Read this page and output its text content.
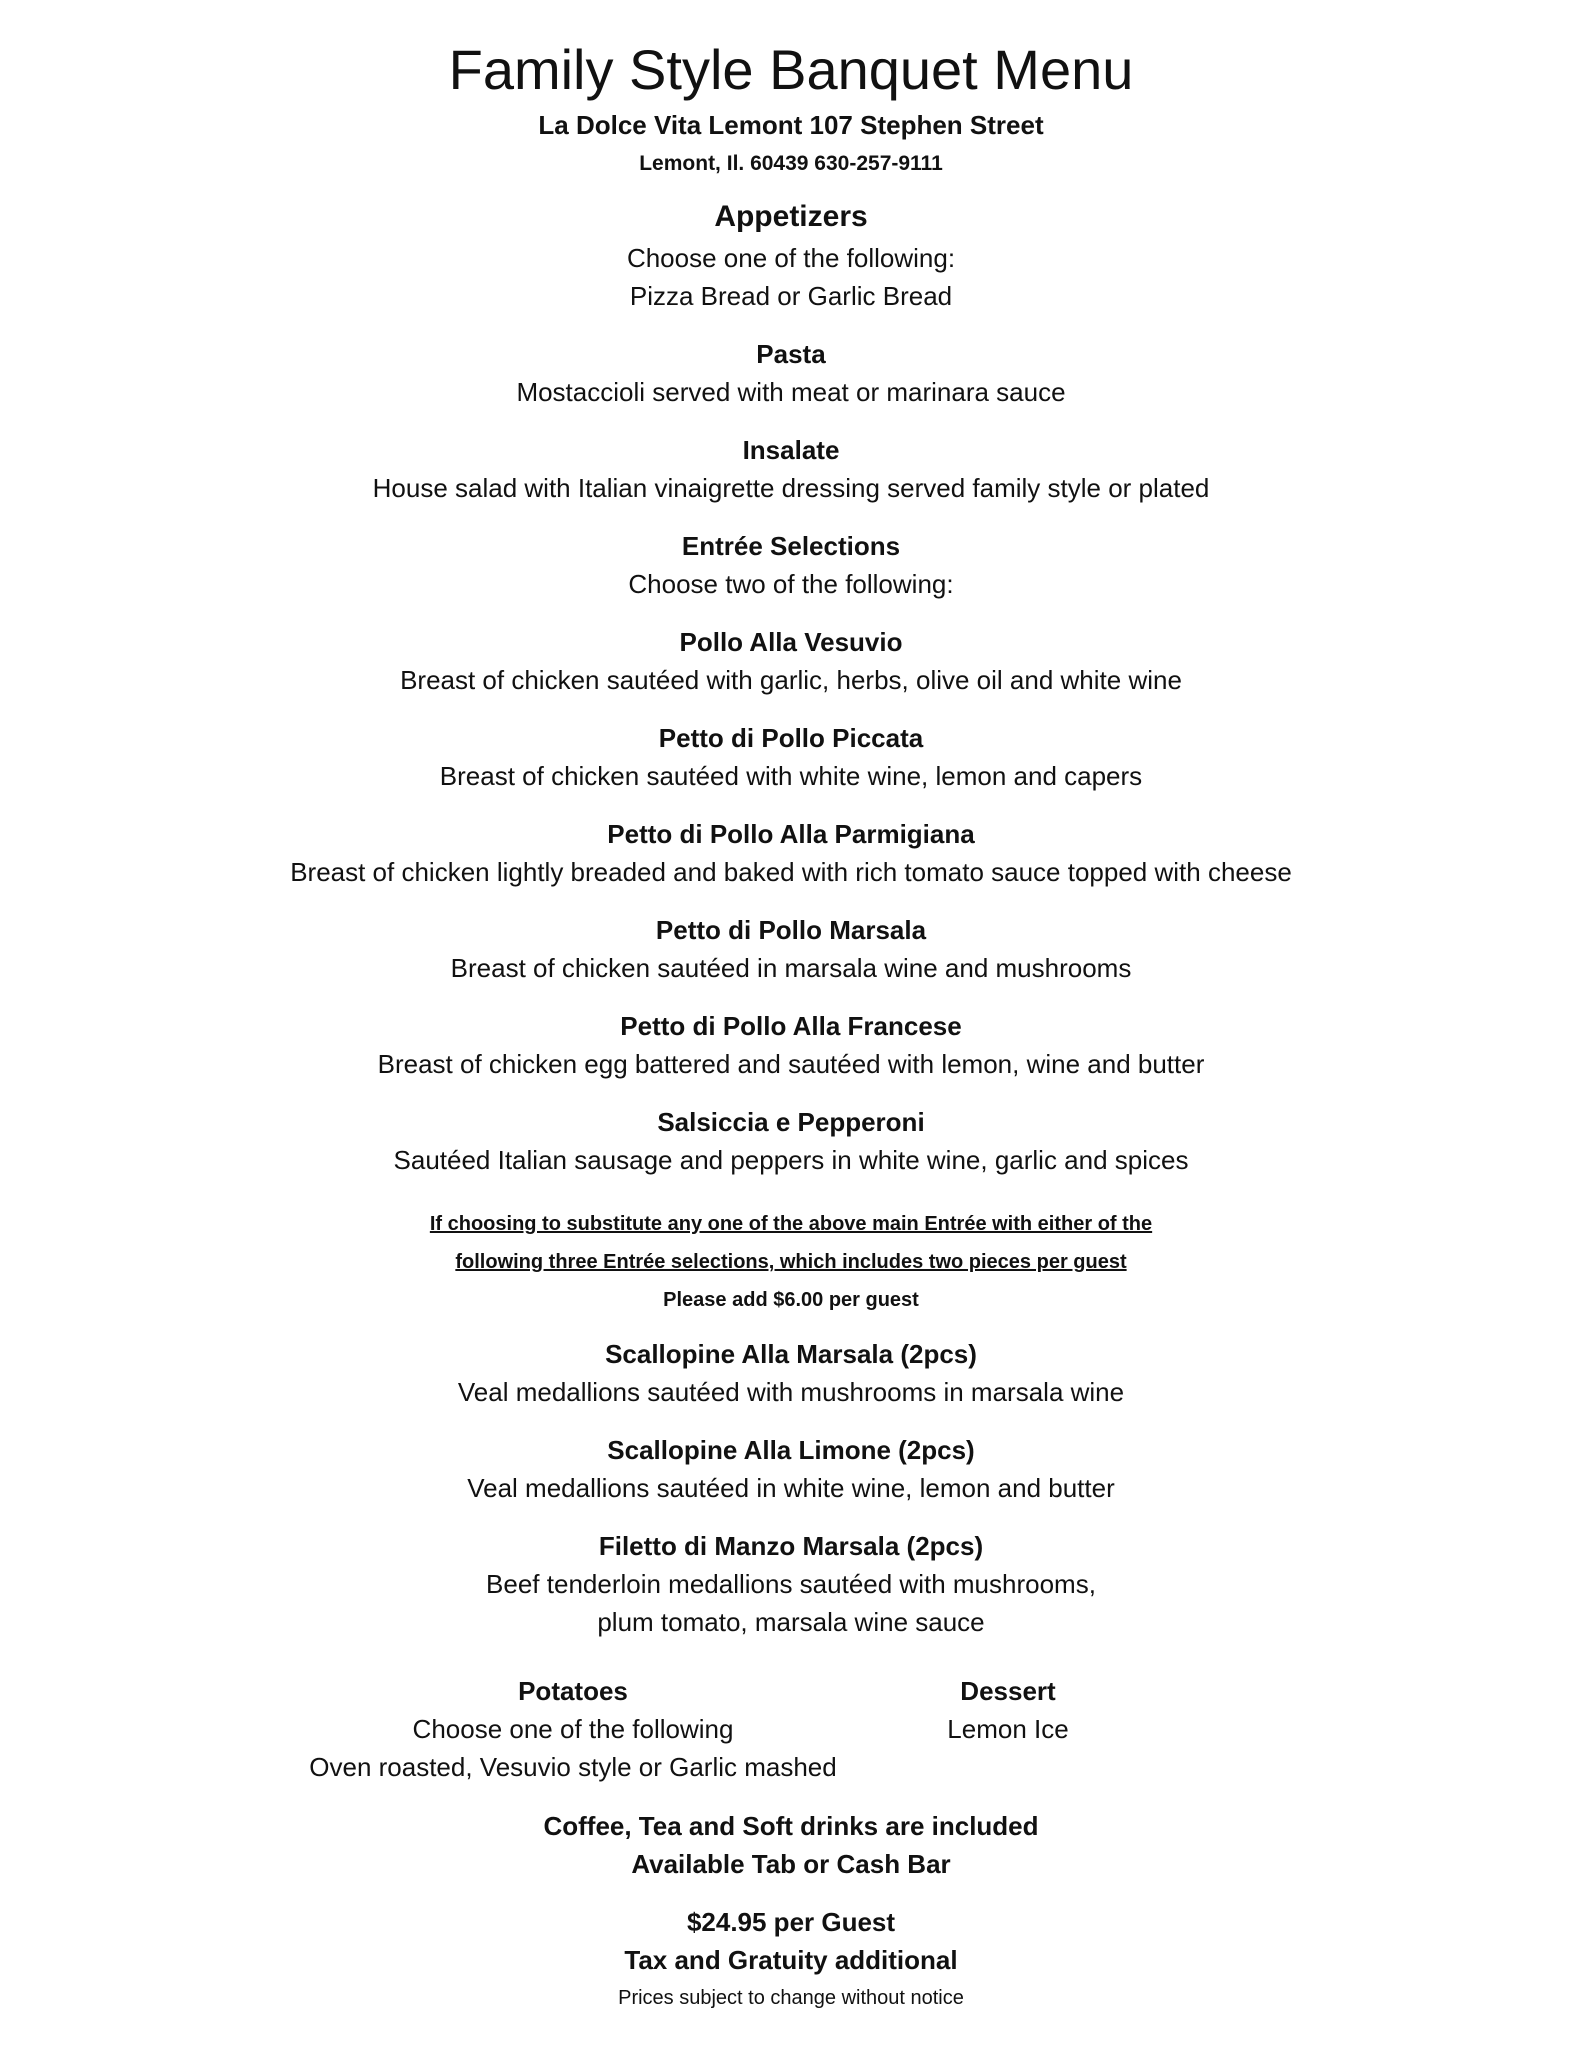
Family Style Banquet Menu
La Dolce Vita Lemont 107 Stephen Street
Lemont, Il. 60439 630-257-9111
Appetizers
Choose one of the following:
Pizza Bread or Garlic Bread
Pasta
Mostaccioli served with meat or marinara sauce
Insalate
House salad with Italian vinaigrette dressing served family style or plated
Entrée Selections
Choose two of the following:
Pollo Alla Vesuvio
Breast of chicken sautéed with garlic, herbs, olive oil and white wine
Petto di Pollo Piccata
Breast of chicken sautéed with white wine, lemon and capers
Petto di Pollo Alla Parmigiana
Breast of chicken lightly breaded and baked with rich tomato sauce topped with cheese
Petto di Pollo Marsala
Breast of chicken sautéed in marsala wine and mushrooms
Petto di Pollo Alla Francese
Breast of chicken egg battered and sautéed with lemon, wine and butter
Salsiccia e Pepperoni
Sautéed Italian sausage and peppers in white wine, garlic and spices
If choosing to substitute any one of the above main Entrée with either of the
following three Entrée selections, which includes two pieces per guest
Please add $6.00 per guest
Scallopine Alla Marsala (2pcs)
Veal medallions sautéed with mushrooms in marsala wine
Scallopine Alla Limone (2pcs)
Veal medallions sautéed in white wine, lemon and butter
Filetto di Manzo Marsala (2pcs)
Beef tenderloin medallions sautéed with mushrooms,
plum tomato, marsala wine sauce
Potatoes
Choose one of the following
Oven roasted, Vesuvio style or Garlic mashed
Dessert
Lemon Ice
Coffee, Tea and Soft drinks are included
Available Tab or Cash Bar
$24.95 per Guest
Tax and Gratuity additional
Prices subject to change without notice
